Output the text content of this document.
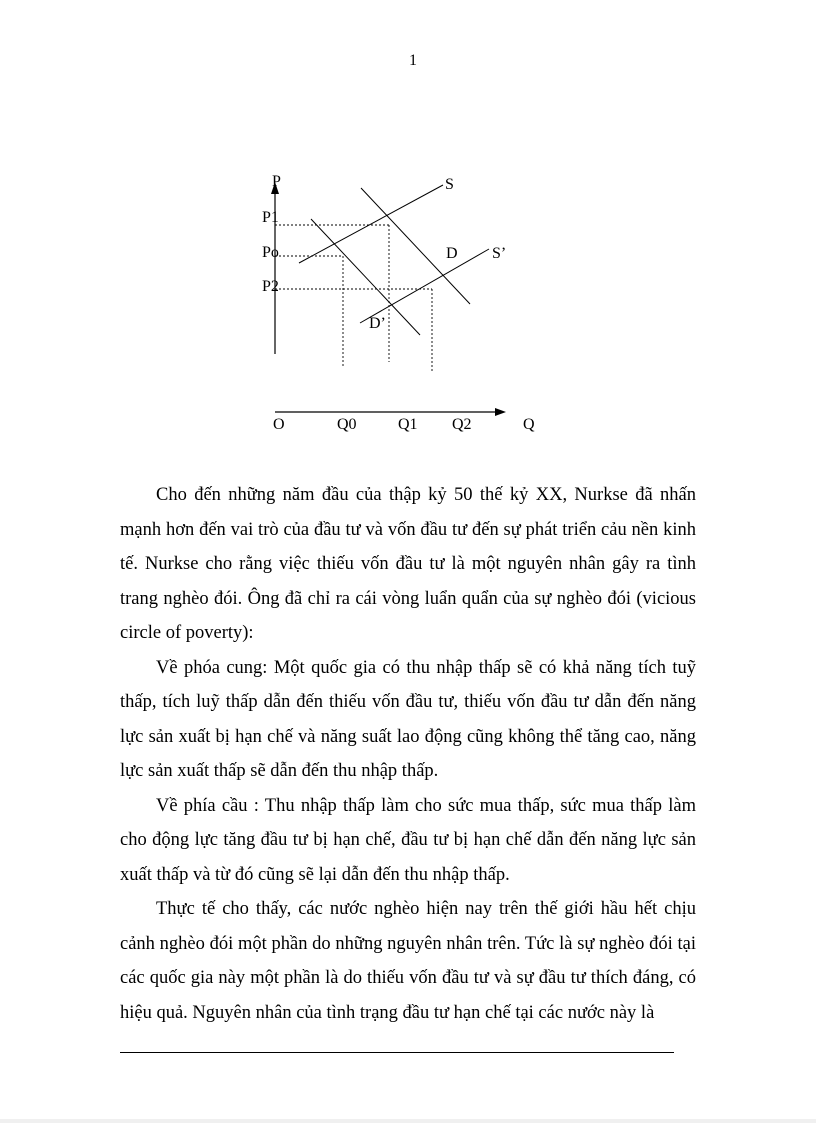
1
P
P1
Po
P2
S
D S’
D’
O	Q0	Q1 Q2	Q

Cho đến những năm đầu của thập kỷ 50 thế kỷ XX, Nurkse đã nhấn mạnh hơn đến vai trò của đầu tư và vốn đầu tư đến sự phát triển cảu nền kinh tế. Nurkse cho rằng việc thiếu vốn đầu tư là một nguyên nhân gây ra tình trang nghèo đói. Ông đã chỉ ra cái vòng luẩn quẩn của sự nghèo đói (vicious circle of poverty):

Về phóa cung: Một quốc gia có thu nhập thấp sẽ có khả năng tích tuỹ thấp, tích luỹ thấp dẫn đến thiếu vốn đầu tư, thiếu vốn đầu tư dẫn đến năng lực sản xuất bị hạn chế và năng suất lao động cũng không thể tăng cao, năng lực sản xuất thấp sẽ dẫn đến thu nhập thấp.

Về phía cầu : Thu nhập thấp làm cho sức mua thấp, sức mua thấp làm cho động lực tăng đầu tư bị hạn chế, đầu tư bị hạn chế dẫn đến năng lực sản xuất thấp và từ đó cũng sẽ lại dẫn đến thu nhập thấp.

Thực tế cho thấy, các nước nghèo hiện nay trên thế giới hầu hết chịu cảnh nghèo đói một phần do những nguyên nhân trên. Tức là sự nghèo đói tại các quốc gia này một phần là do thiếu vốn đầu tư và sự đầu tư thích đáng, có hiệu quả. Nguyên nhân của tình trạng đầu tư hạn chế tại các nước này là
